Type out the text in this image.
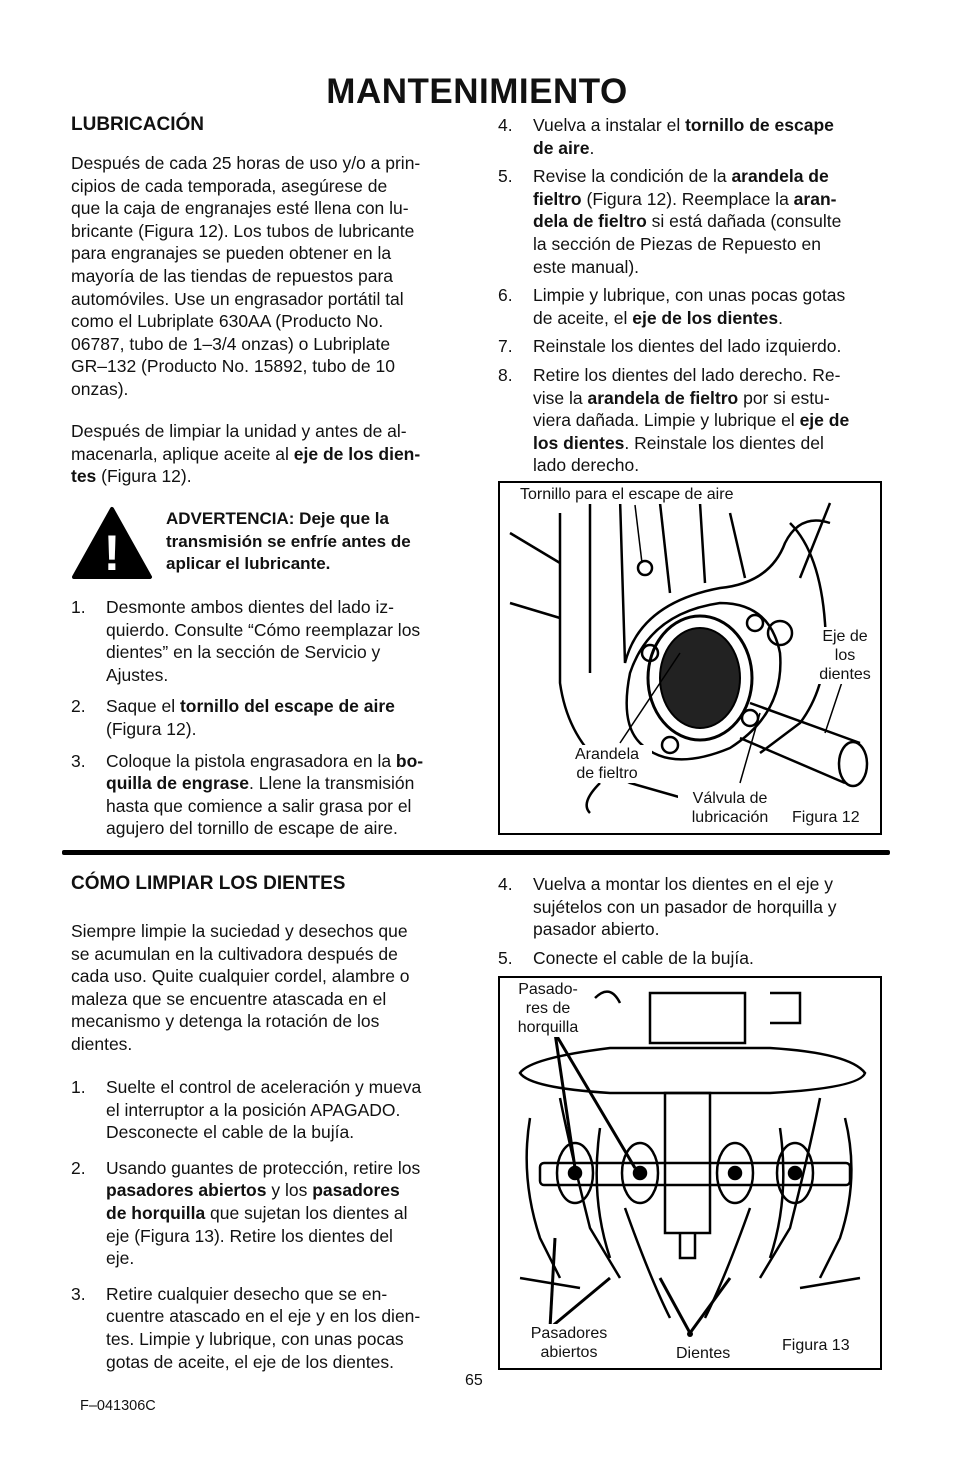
MANTENIMIENTO
LUBRICACIÓN
Después de cada 25 horas de uso y/o a prin-
cipios de cada temporada, asegúrese de
que la caja de engranajes esté llena con lu-
bricante (Figura 12). Los tubos de lubricante
para engranajes se pueden obtener en la
mayoría de las tiendas de repuestos para
automóviles. Use un engrasador portátil tal
como el Lubriplate 630AA (Producto No.
06787, tubo de 1–3/4 onzas) o Lubriplate
GR–132 (Producto No. 15892, tubo de 10
onzas).
Después de limpiar la unidad y antes de al-
macenarla, aplique aceite al eje de los dien-
tes (Figura 12).
!
ADVERTENCIA: Deje que la
transmisión se enfríe antes de
aplicar el lubricante.
1. Desmonte ambos dientes del lado iz-
quierdo. Consulte “Cómo reemplazar los
dientes” en la sección de Servicio y
Ajustes.
2. Saque el tornillo del escape de aire
(Figura 12).
3. Coloque la pistola engrasadora en la bo-
quilla de engrase. Llene la transmisión
hasta que comience a salir grasa por el
agujero del tornillo de escape de aire.
4. Vuelva a instalar el tornillo de escape
de aire.
5. Revise la condición de la arandela de
fieltro (Figura 12). Reemplace la aran-
dela de fieltro si está dañada (consulte
la sección de Piezas de Repuesto en
este manual).
6. Limpie y lubrique, con unas pocas gotas
de aceite, el eje de los dientes.
7. Reinstale los dientes del lado izquierdo.
8. Retire los dientes del lado derecho. Re-
vise la arandela de fieltro por si estu-
viera dañada. Limpie y lubrique el eje de
los dientes. Reinstale los dientes del
lado derecho.
Tornillo para el escape de aire
Eje de
los
dientes
Arandela
de fieltro
Válvula de
lubricación	Figura 12
CÓMO LIMPIAR LOS DIENTES
Siempre limpie la suciedad y desechos que
se acumulan en la cultivadora después de
cada uso. Quite cualquier cordel, alambre o
maleza que se encuentre atascada en el
mecanismo y detenga la rotación de los
dientes.
1. Suelte el control de aceleración y mueva
el interruptor a la posición APAGADO.
Desconecte el cable de la bujía.
2. Usando guantes de protección, retire los
pasadores abiertos y los pasadores
de horquilla que sujetan los dientes al
eje (Figura 13). Retire los dientes del
eje.
3. Retire cualquier desecho que se en-
cuentre atascado en el eje y en los dien-
tes. Limpie y lubrique, con unas pocas
gotas de aceite, el eje de los dientes.
4. Vuelva a montar los dientes en el eje y
sujételos con un pasador de horquilla y
pasador abierto.
5. Conecte el cable de la bujía.
Pasado-
res de
horquilla
Pasadores
abiertos	Dientes	Figura 13
F–041306C
65
